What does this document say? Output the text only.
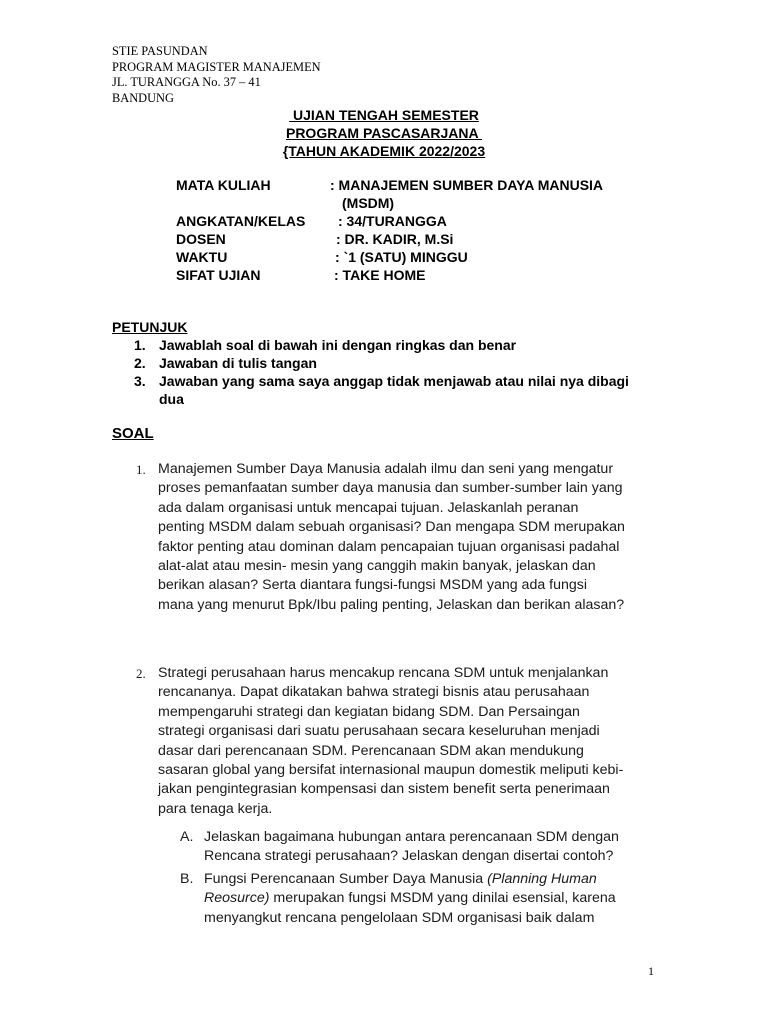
STIE PASUNDAN
PROGRAM MAGISTER MANAJEMEN
JL. TURANGGA No. 37 – 41
BANDUNG
UJIAN TENGAH SEMESTER
PROGRAM PASCASARJANA
{TAHUN AKADEMIK 2022/2023
MATA KULIAH	: MANAJEMEN SUMBER DAYA MANUSIA
(MSDM)
ANGKATAN/KELAS : 34/TURANGGA
DOSEN	: DR. KADIR, M.Si
WAKTU	: `1 (SATU) MINGGU
SIFAT UJIAN	: TAKE HOME
PETUNJUK
1. Jawablah soal di bawah ini dengan ringkas dan benar
2. Jawaban di tulis tangan
3. Jawaban yang sama saya anggap tidak menjawab atau nilai nya dibagi dua
SOAL
1. Manajemen Sumber Daya Manusia adalah ilmu dan seni yang mengatur
proses pemanfaatan sumber daya manusia dan sumber-sumber lain yang
ada dalam organisasi untuk mencapai tujuan. Jelaskanlah peranan
penting MSDM dalam sebuah organisasi? Dan mengapa SDM merupakan
faktor penting atau dominan dalam pencapaian tujuan organisasi padahal
alat-alat atau mesin- mesin yang canggih makin banyak, jelaskan dan
berikan alasan? Serta diantara fungsi-fungsi MSDM yang ada fungsi
mana yang menurut Bpk/Ibu paling penting, Jelaskan dan berikan alasan?
2. Strategi perusahaan harus mencakup rencana SDM untuk menjalankan
rencananya. Dapat dikatakan bahwa strategi bisnis atau perusahaan
mempengaruhi strategi dan kegiatan bidang SDM. Dan Persaingan
strategi organisasi dari suatu perusahaan secara keseluruhan menjadi
dasar dari perencanaan SDM. Perencanaan SDM akan mendukung
sasaran global yang bersifat internasional maupun domestik meliputi kebi-
jakan pengintegrasian kompensasi dan sistem benefit serta penerimaan
para tenaga kerja.
A. Jelaskan bagaimana hubungan antara perencanaan SDM dengan
Rencana strategi perusahaan? Jelaskan dengan disertai contoh?
B. Fungsi Perencanaan Sumber Daya Manusia (Planning Human
Reosurce) merupakan fungsi MSDM yang dinilai esensial, karena
menyangkut rencana pengelolaan SDM organisasi baik dalam
1
